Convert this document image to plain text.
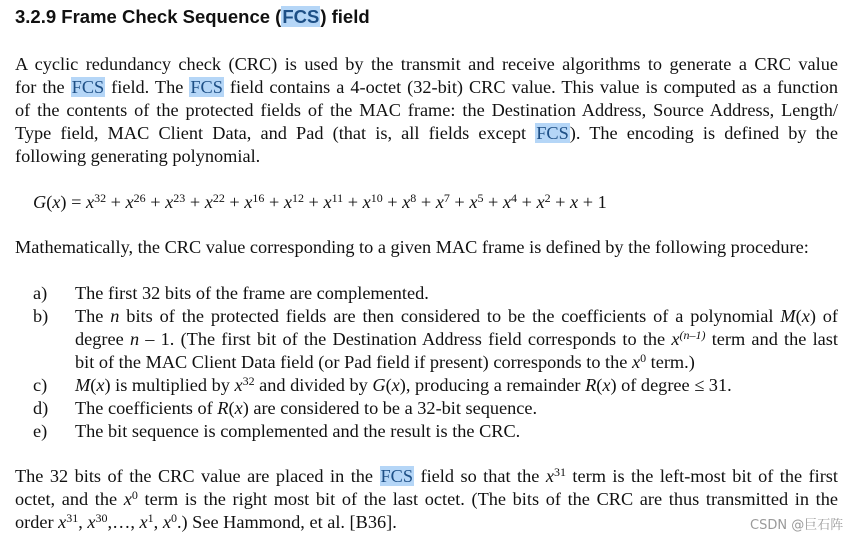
3.2.9 Frame Check Sequence (FCS) field
A cyclic redundancy check (CRC) is used by the transmit and receive algorithms to generate a CRC value
for the FCS field. The FCS field contains a 4-octet (32-bit) CRC value. This value is computed as a function
of the contents of the protected fields of the MAC frame: the Destination Address, Source Address, Length/
Type field, MAC Client Data, and Pad (that is, all fields except FCS). The encoding is defined by the
following generating polynomial.
$G(x) = x^{32} + x^{26} + x^{23} + x^{22} + x^{16} + x^{12} + x^{11} + x^{10} + x^8 + x^7 + x^5 + x^4 + x^2 + x + 1$
Mathematically, the CRC value corresponding to a given MAC frame is defined by the following procedure:
The 32 bits of the CRC value are placed in the FCS field so that the $x^{31}$ term is the left-most bit of the first
octet, and the $x^0$ term is the right most bit of the last octet. (The bits of the CRC are thus transmitted in the
order $x^{31}$, $x^{30},\dots$, $x^1$, $x^0$.) See Hammond, et al. [B36].
a) The first 32 bits of the frame are complemented.
b) The n bits of the protected fields are then considered to be the coefficients of a polynomial M(x) of
degree n – 1. (The first bit of the Destination Address field corresponds to the $x^{(n-1)}$ term and the last
bit of the MAC Client Data field (or Pad field if present) corresponds to the $x^0$ term.)
c) M(x) is multiplied by $x^{32}$ and divided by G(x), producing a remainder R(x) of degree ≤ 31.
d) The coefficients of R(x) are considered to be a 32-bit sequence.
e) The bit sequence is complemented and the result is the CRC.
CSDN @巨石阵
